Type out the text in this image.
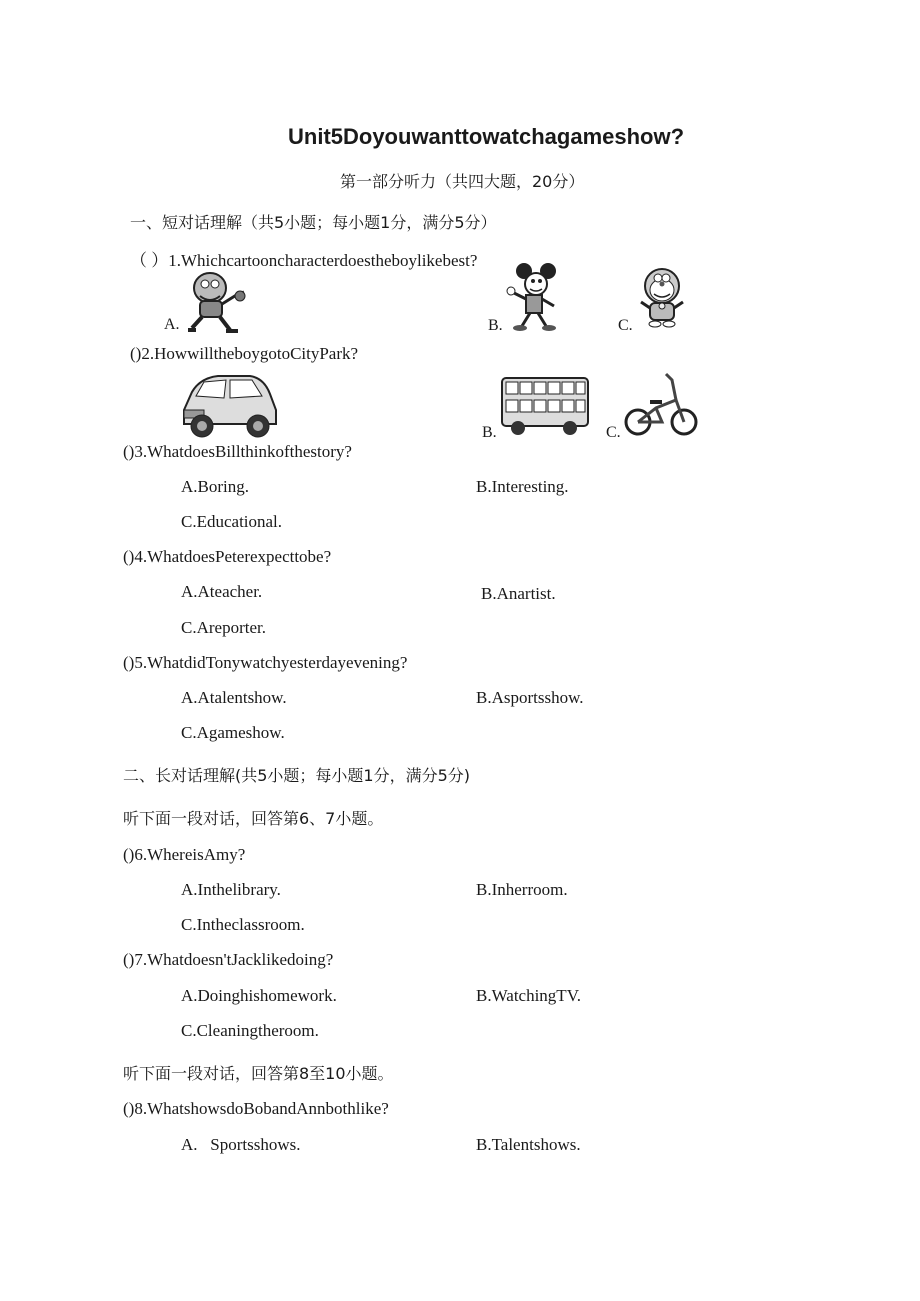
Unit5Doyouwanttowatchagameshow?
第一部分听力（共四大题，20分）
一、短对话理解（共5小题；每小题1分，满分5分）
（ ）1.Whichcartooncharacterdoestheboylikebest?
A.	B.	C.
()2.HowwilltheboygotoCityPark?
B.	C.
()3.WhatdoesBillthinkofthestory?
A.Boring.	B.Interesting.
C.Educational.
()4.WhatdoesPeterexpecttobe?
A.Ateacher.	B.Anartist.
C.Areporter.
()5.WhatdidTonywatchyesterdayevening?
A.Atalentshow.	B.Asportsshow.
C.Agameshow.
二、长对话理解(共5小题；每小题1分，满分5分)
听下面一段对话，回答第6、7小题。
()6.WhereisAmy?
A.Inthelibrary.	B.Inherroom.
C.Intheclassroom.
()7.Whatdoesn'tJacklikedoing?
A.Doinghishomework.	B.WatchingTV.
C.Cleaningtheroom.
听下面一段对话，回答第8至10小题。
()8.WhatshowsdoBobandAnnbothlike?
A.   Sportsshows.	B.Talentshows.
